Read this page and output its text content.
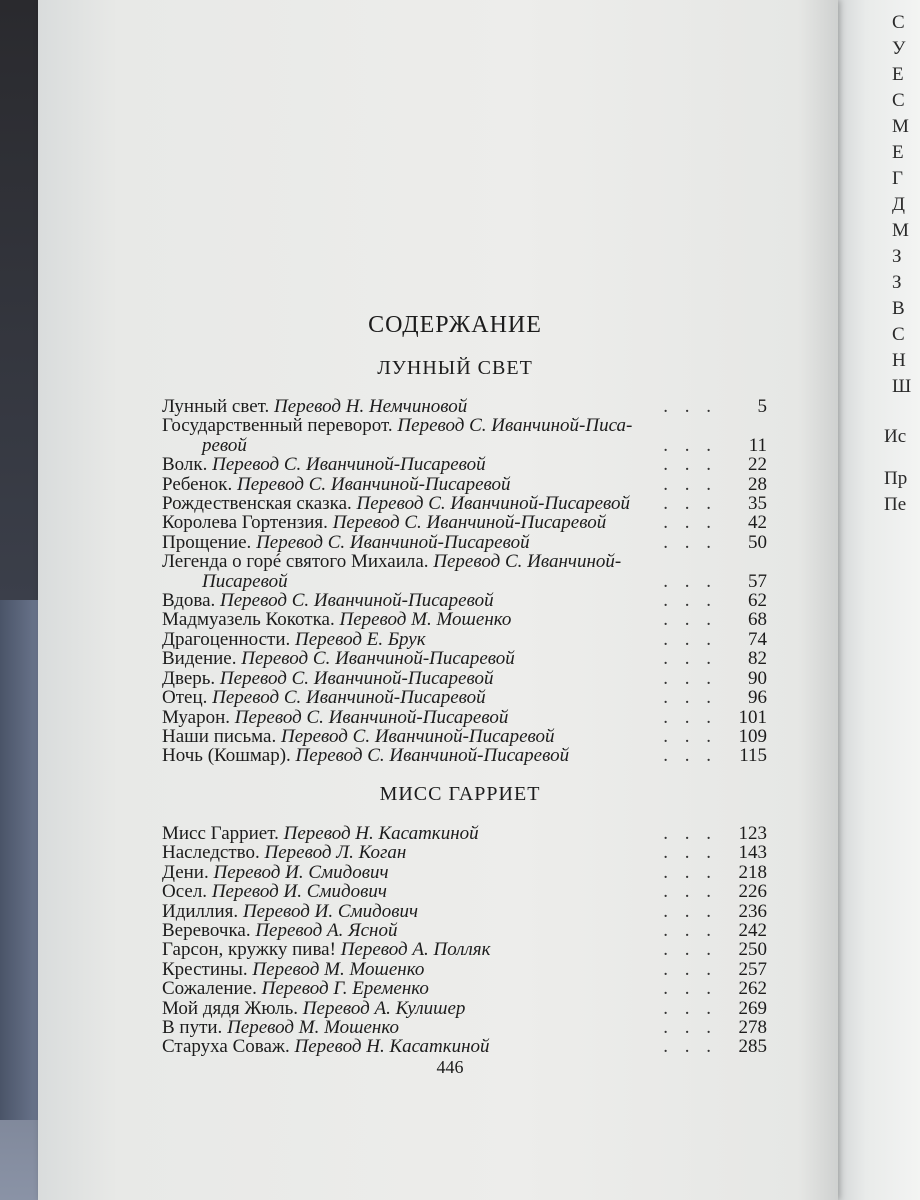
С
У
Е
С
М
Е
Г
Д
М
З
З
В
С
Н
Ш
Ис
Пр
Пе
СОДЕРЖАНИЕ
ЛУННЫЙ СВЕТ
Лунный свет. Перевод Н. Немчиновой	. . . 5
Государственный переворот. Перевод С. Иванчиной-Писа-
ревой	. . . 11
Волк. Перевод С. Иванчиной-Писаревой	. . . 22
Ребенок. Перевод С. Иванчиной-Писаревой	. . . 28
Рождественская сказка. Перевод С. Иванчиной-Писаревой	. . . 35
Королева Гортензия. Перевод С. Иванчиной-Писаревой	. . . 42
Прощение. Перевод С. Иванчиной-Писаревой	. . . 50
Легенда о горé святого Михаила. Перевод С. Иванчиной-
Писаревой	. . . 57
Вдова. Перевод С. Иванчиной-Писаревой	. . . 62
Мадмуазель Кокотка. Перевод М. Мошенко	. . . 68
Драгоценности. Перевод Е. Брук	. . . 74
Видение. Перевод С. Иванчиной-Писаревой	. . . 82
Дверь. Перевод С. Иванчиной-Писаревой	. . . 90
Отец. Перевод С. Иванчиной-Писаревой	. . . 96
Муарон. Перевод С. Иванчиной-Писаревой	. . . 101
Наши письма. Перевод С. Иванчиной-Писаревой	. . . 109
Ночь (Кошмар). Перевод С. Иванчиной-Писаревой	. . . 115
МИСС ГАРРИЕТ
Мисс Гарриет. Перевод Н. Касаткиной	. . . 123
Наследство. Перевод Л. Коган	. . . 143
Дени. Перевод И. Смидович	. . . 218
Осел. Перевод И. Смидович	. . . 226
Идиллия. Перевод И. Смидович	. . . 236
Веревочка. Перевод А. Ясной	. . . 242
Гарсон, кружку пива! Перевод А. Полляк	. . . 250
Крестины. Перевод М. Мошенко	. . . 257
Сожаление. Перевод Г. Еременко	. . . 262
Мой дядя Жюль. Перевод А. Кулишер	. . . 269
В пути. Перевод М. Мошенко	. . . 278
Старуха Соваж. Перевод Н. Касаткиной	. . . 285
446
